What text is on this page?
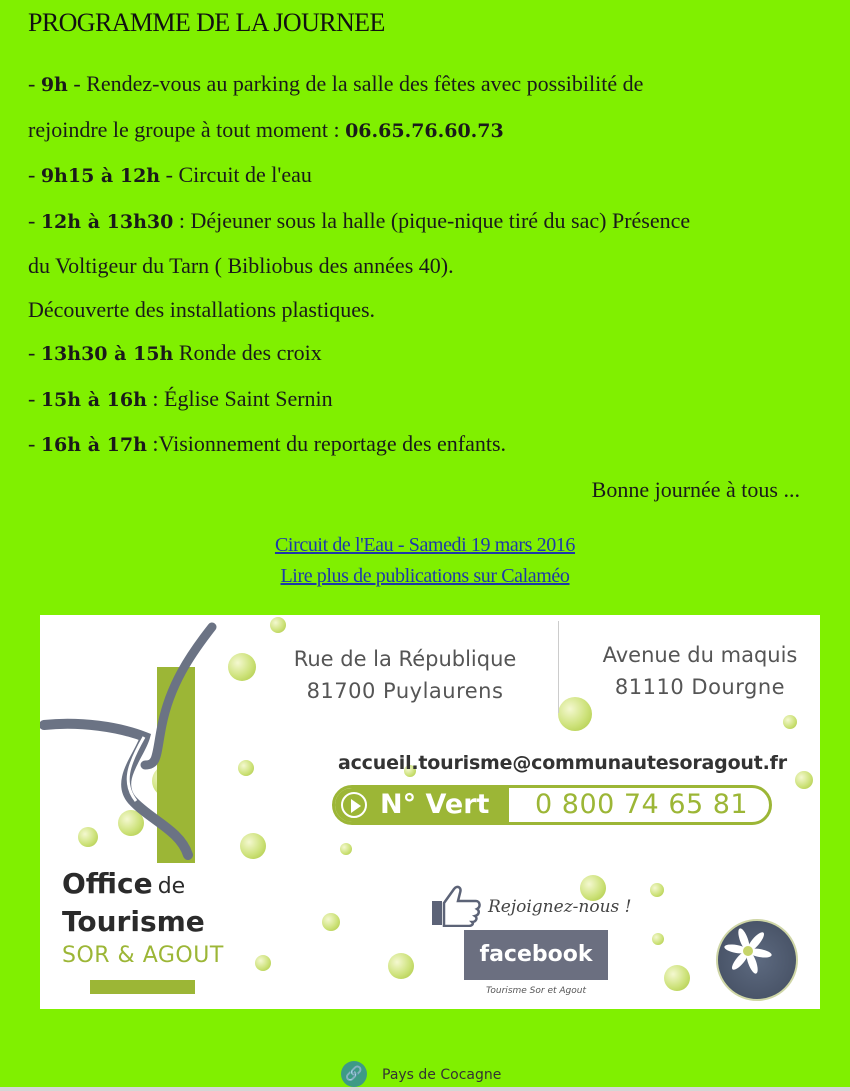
PROGRAMME DE LA JOURNEE
- 9h - Rendez-vous au parking de la salle des fêtes avec possibilité de
rejoindre le groupe à tout moment : 06.65.76.60.73
- 9h15 à 12h - Circuit de l'eau
- 12h à 13h30 : Déjeuner sous la halle (pique-nique tiré du sac) Présence
du Voltigeur du Tarn ( Bibliobus des années 40).
Découverte des installations plastiques.
- 13h30 à 15h Ronde des croix
- 15h à 16h : Église Saint Sernin
- 16h à 17h :Visionnement du reportage des enfants.
Bonne journée à tous ...
Circuit de l'Eau - Samedi 19 mars 2016
Lire plus de publications sur Calaméo
Rue de la République
81700 Puylaurens
Avenue du maquis
81110 Dourgne
accueil.tourisme@communautesoragout.fr
N° Vert 0 800 74 65 81
Office de
Tourisme
SOR & AGOUT
Rejoignez-nous !
facebook
Tourisme Sor et Agout
🔗	Pays de Cocagne
